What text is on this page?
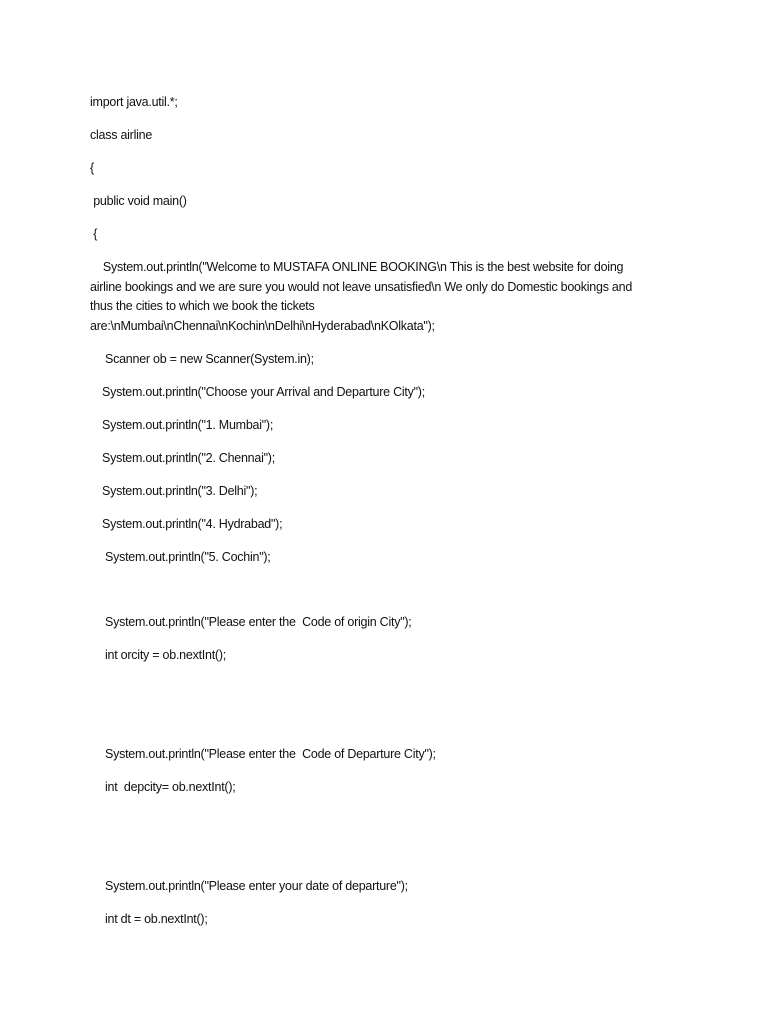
import java.util.*;
class airline
{
public void main()
{
System.out.println("Welcome to MUSTAFA ONLINE BOOKING\n This is the best website for doing
airline bookings and we are sure you would not leave unsatisfied\n We only do Domestic bookings and
thus the cities to which we book the tickets
are:\nMumbai\nChennai\nKochin\nDelhi\nHyderabad\nKOlkata");
Scanner ob = new Scanner(System.in);
System.out.println("Choose your Arrival and Departure City");
System.out.println("1. Mumbai");
System.out.println("2. Chennai");
System.out.println("3. Delhi");
System.out.println("4. Hydrabad");
System.out.println("5. Cochin");
System.out.println("Please enter the  Code of origin City");
int orcity = ob.nextInt();
System.out.println("Please enter the  Code of Departure City");
int  depcity= ob.nextInt();
System.out.println("Please enter your date of departure");
int dt = ob.nextInt();
